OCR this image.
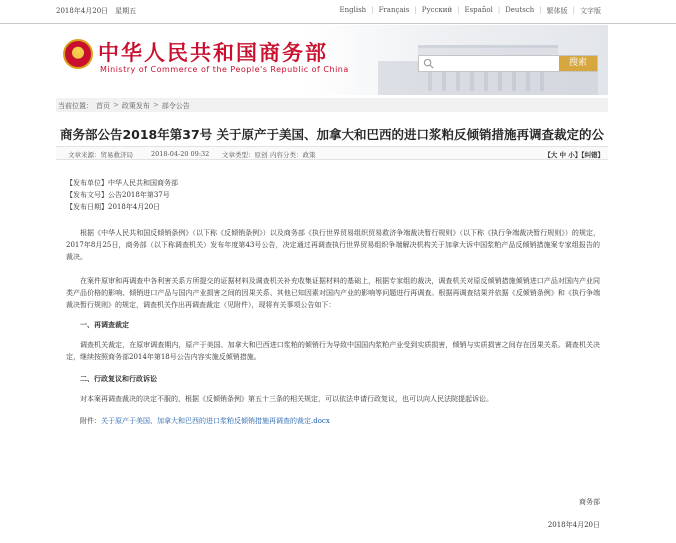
2018年4月20日　星期五	English | Français | Русский | Español | Deutsch | 繁体版 | 文字版
★ 中华人民共和国商务部
Ministry of Commerce of the People's Republic of China
搜索
当前位置： 首页 > 政策发布 > 部令公告
商务部公告2018年第37号 关于原产于美国、加拿大和巴西的进口浆粕反倾销措施再调查裁定的公
文章来源：贸易救济局	2018-04-20 09:32 文章类型：原创 内容分类：政策	【大 中 小】【纠错】

【发布单位】中华人民共和国商务部

【发布文号】公告2018年第37号

【发布日期】2018年4月20日

根据《中华人民共和国反倾销条例》（以下称《反倾销条例》）以及商务部《执行世界贸易组织贸易救济争端裁决暂行规则》（以下称《执行争端裁决暂行规则》）的规定，2017年8月25日，商务部（以下称调查机关）发布年度第43号公告，决定通过再调查执行世界贸易组织争端解决机构关于加拿大诉中国浆粕产品反倾销措施案专家组报告的裁决。

在案件原审和再调查中各利害关系方所提交的证据材料及调查机关补充收集证据材料的基础上，根据专家组的裁决，调查机关对原反倾销措施倾销进口产品对国内产业同类产品价格的影响、倾销进口产品与国内产业损害之间的因果关系、其他已知因素对国内产业的影响等问题进行再调查。根据再调查结果并依据《反倾销条例》和《执行争端裁决暂行规则》的规定，调查机关作出再调查裁定（见附件），现将有关事项公告如下：

一、再调查裁定

调查机关裁定，在原审调查期内，原产于美国、加拿大和巴西进口浆粕的倾销行为导致中国国内浆粕产业受到实质损害，倾销与实质损害之间存在因果关系。调查机关决定，继续按照商务部2014年第18号公告内容实施反倾销措施。

二、行政复议和行政诉讼

对本案再调查裁决的决定不服的，根据《反倾销条例》第五十三条的相关规定，可以依法申请行政复议，也可以向人民法院提起诉讼。

附件：关于原产于美国、加拿大和巴西的进口浆粕反倾销措施再调查的裁定.docx

商务部
2018年4月20日
